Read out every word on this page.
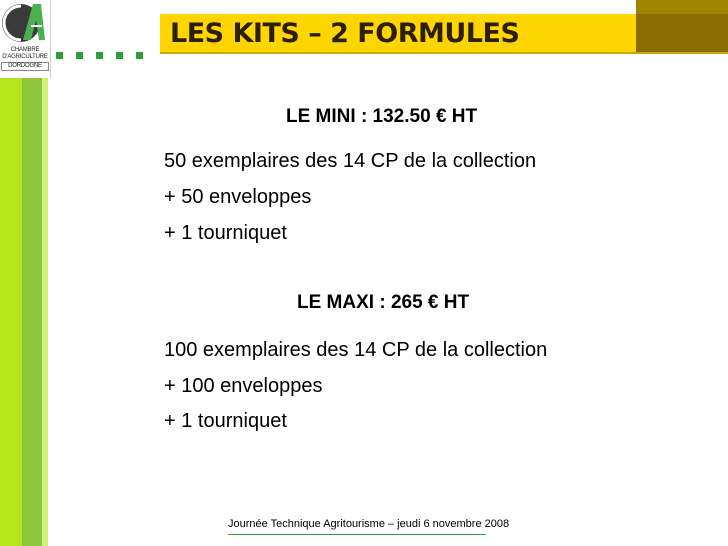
CHAMBRE
D'AGRICULTURE
DORDOGNE
LES KITS – 2 FORMULES
LE MINI : 132.50 € HT

50 exemplaires des 14 CP de la collection

+ 50 enveloppes

+ 1 tourniquet

LE MAXI : 265 € HT

100 exemplaires des 14 CP de la collection

+ 100 enveloppes

+ 1 tourniquet

Journée Technique Agritourisme – jeudi 6 novembre 2008
